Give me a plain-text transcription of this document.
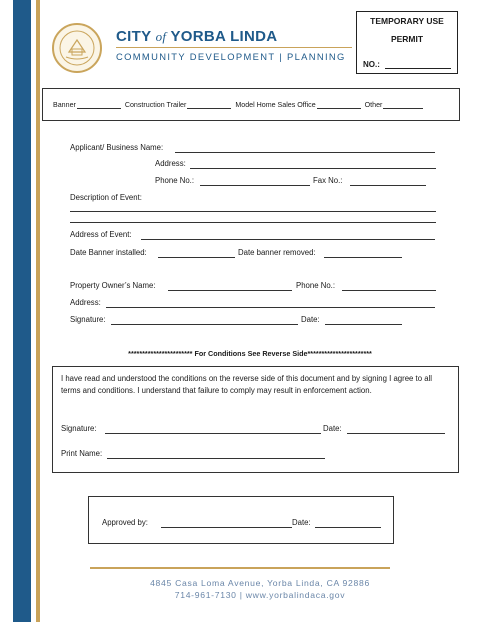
CITY of YORBA LINDA
COMMUNITY DEVELOPMENT | PLANNING
TEMPORARY USE
PERMIT
NO.:
Banner	Construction Trailer	Model Home Sales Office	Other
Applicant/ Business Name:
Address:
Phone No.:	Fax No.:
Description of Event:
Address of Event:
Date Banner installed:	Date banner removed:
Property Owner’s Name:	Phone No.:
Address:
Signature:	Date:
*********************** For Conditions See Reverse Side***********************
I have read and understood the conditions on the reverse side of this document and by signing I agree to all terms and conditions. I understand that failure to comply may result in enforcement action.
Signature:	Date:
Print Name:
Approved by:	Date:
4845 Casa Loma Avenue, Yorba Linda, CA 92886
714-961-7130 | www.yorbalindaca.gov
